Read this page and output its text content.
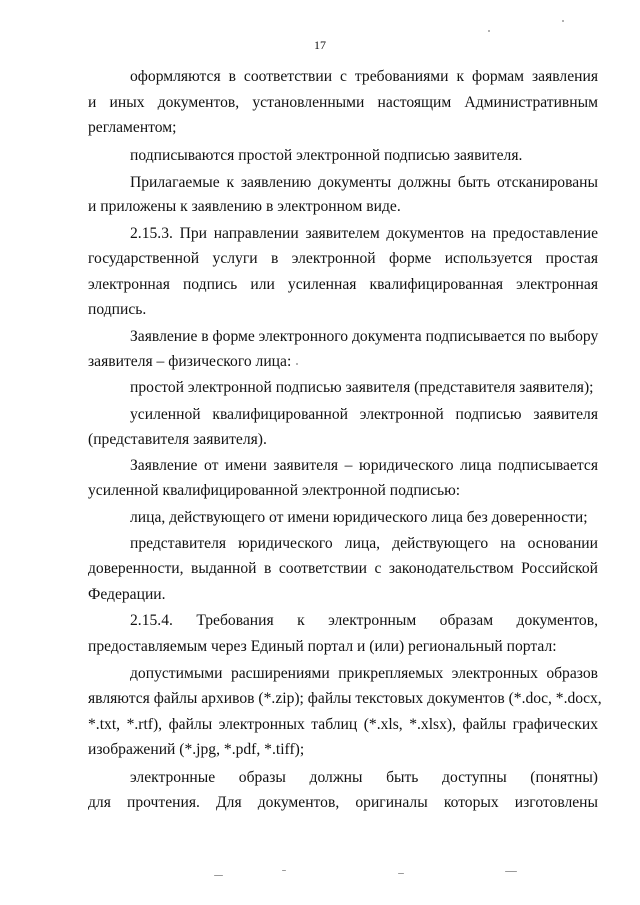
17
оформляются в соответствии с требованиями к формам заявления
и иных документов, установленными настоящим Административным
регламентом;
подписываются простой электронной подписью заявителя.
Прилагаемые к заявлению документы должны быть отсканированы
и приложены к заявлению в электронном виде.
2.15.3. При направлении заявителем документов на предоставление
государственной услуги в электронной форме используется простая
электронная подпись или усиленная квалифицированная электронная
подпись.
Заявление в форме электронного документа подписывается по выбору
заявителя – физического лица:
простой электронной подписью заявителя (представителя заявителя);
усиленной квалифицированной электронной подписью заявителя
(представителя заявителя).
Заявление от имени заявителя – юридического лица подписывается
усиленной квалифицированной электронной подписью:
лица, действующего от имени юридического лица без доверенности;
представителя юридического лица, действующего на основании
доверенности, выданной в соответствии с законодательством Российской
Федерации.
2.15.4. Требования к электронным образам документов,
предоставляемым через Единый портал и (или) региональный портал:
допустимыми расширениями прикрепляемых электронных образов
являются файлы архивов (*.zip); файлы текстовых документов (*.doc, *.docx,
*.txt, *.rtf), файлы электронных таблиц (*.xls, *.xlsx), файлы графических
изображений (*.jpg, *.pdf, *.tiff);
электронные образы должны быть доступны (понятны)
для прочтения. Для документов, оригиналы которых изготовлены
